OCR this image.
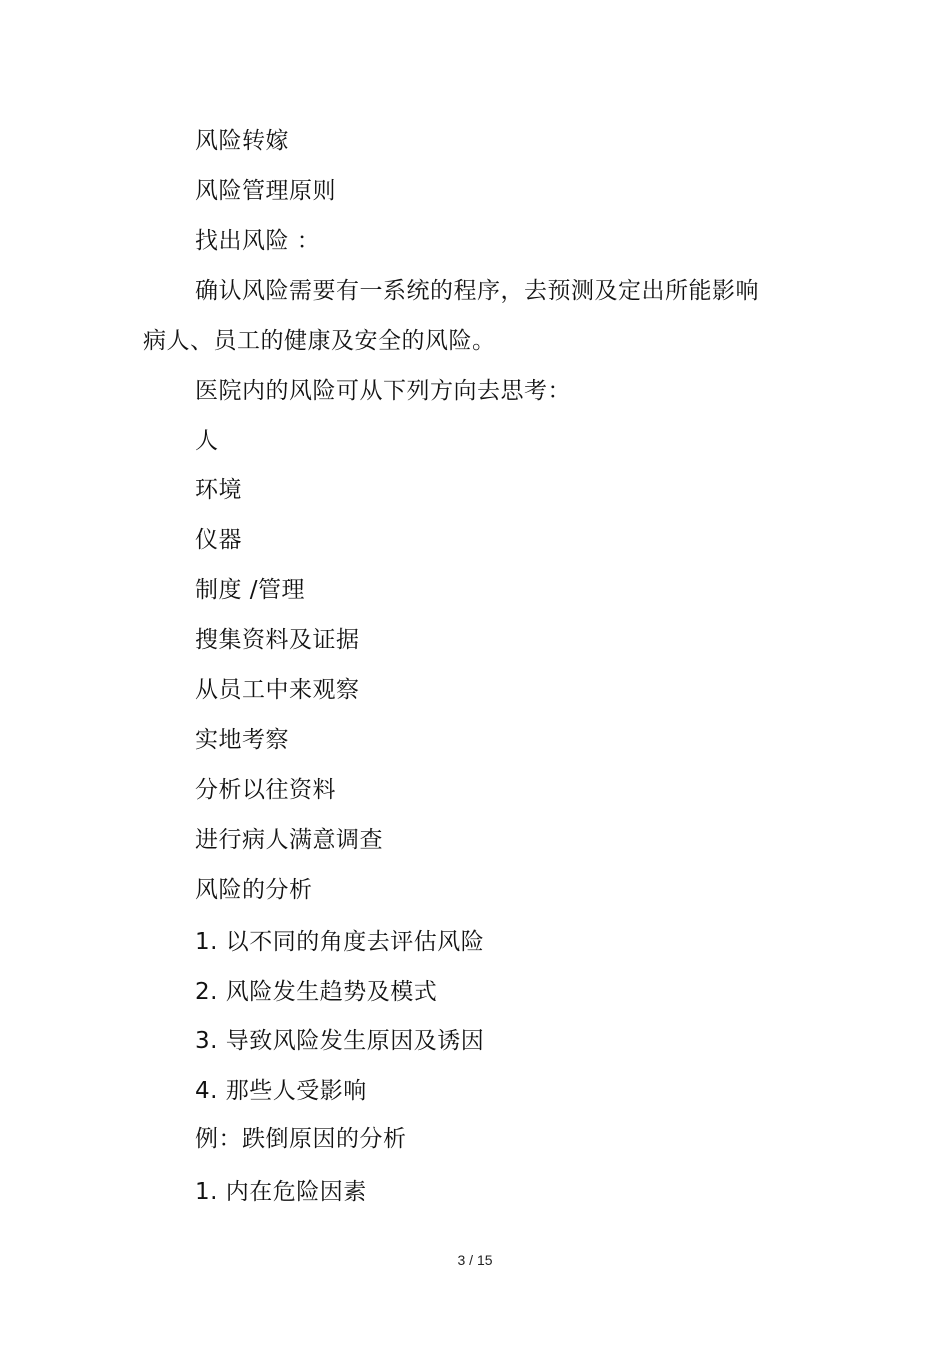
风险转嫁
风险管理原则
找出风险 ：
确认风险需要有一系统的程序，去预测及定出所能影响
病人、员工的健康及安全的风险。
医院内的风险可从下列方向去思考：
人
环境
仪器
制度 /管理
搜集资料及证据
从员工中来观察
实地考察
分析以往资料
进行病人满意调查
风险的分析
1. 以不同的角度去评估风险
2. 风险发生趋势及模式
3. 导致风险发生原因及诱因
4. 那些人受影响
例：跌倒原因的分析
1. 内在危险因素
3 / 15
